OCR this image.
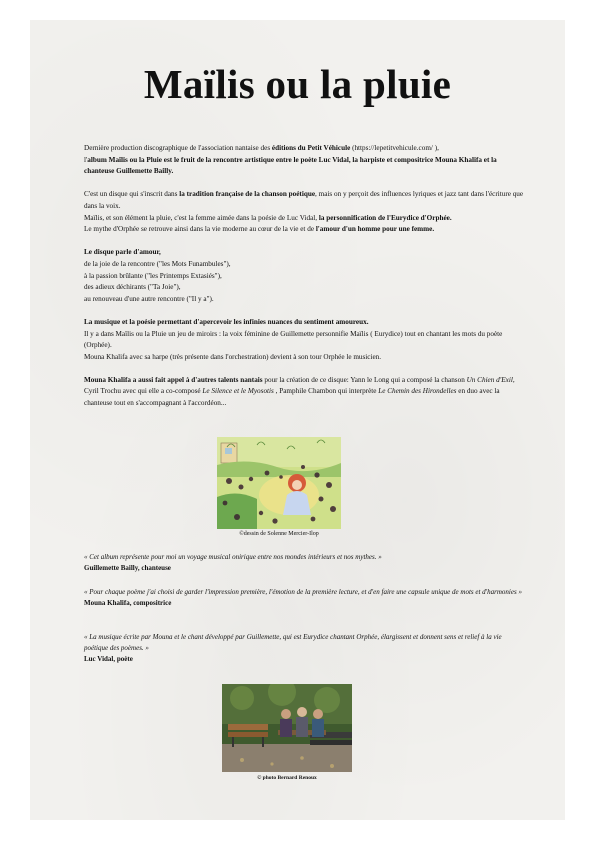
Maïlis ou la pluie

Dernière production discographique de l'association nantaise des éditions du Petit Véhicule (https://lepetitvehicule.com/ ),
l'album Maïlis ou la Pluie est le fruit de la rencontre artistique entre le poète Luc Vidal, la harpiste et compositrice Mouna Khalifa et la chanteuse Guillemette Bailly.

C'est un disque qui s'inscrit dans la tradition française de la chanson poétique, mais on y perçoit des influences lyriques et jazz tant dans l'écriture que dans la voix.

Maïlis, et son élément la pluie, c'est la femme aimée dans la poésie de Luc Vidal, la personnification de l'Eurydice d'Orphée.

Le mythe d'Orphée se retrouve ainsi dans la vie moderne au cœur de la vie et de l'amour d'un homme pour une femme.

Le disque parle d'amour,

de la joie de la rencontre ("les Mots Funambules"),

à la passion brûlante ("les Printemps Extasiés"),

des adieux déchirants ("Ta Joie"),

au renouveau d'une autre rencontre ("Il y a").

La musique et la poésie permettant d'apercevoir les infinies nuances du sentiment amoureux.

Il y a dans Maïlis ou la Pluie un jeu de miroirs : la voix féminine de Guillemette personnifie Maïlis ( Eurydice) tout en chantant les mots du poète (Orphée).

Mouna Khalifa avec sa harpe (très présente dans l'orchestration) devient à son tour Orphée le musicien.

Mouna Khalifa a aussi fait appel à d'autres talents nantais pour la création de ce disque: Yann le Long qui a composé la chanson Un Chien d'Exil, Cyril Trochu avec qui elle a co-composé Le Silence et le Myosotis , Pamphile Chambon qui interprète Le Chemin des Hirondelles en duo avec la chanteuse tout en s'accompagnant à l'accordéon...

©dessin de Solenne Mercier-Ilop
« Cet album représente pour moi un voyage musical onirique entre nos mondes intérieurs et nos mythes. »
Guillemette Bailly, chanteuse
« Pour chaque poème j'ai choisi de garder l'impression première, l'émotion de la première lecture, et d'en faire une capsule unique de mots et d'harmonies »
Mouna Khalifa, compositrice
« La musique écrite par Mouna et le chant développé par Guillemette, qui est Eurydice chantant Orphée, élargissent et donnent sens et relief à la vie poétique des poèmes. »
Luc Vidal, poète
© photo Bernard Renoux
